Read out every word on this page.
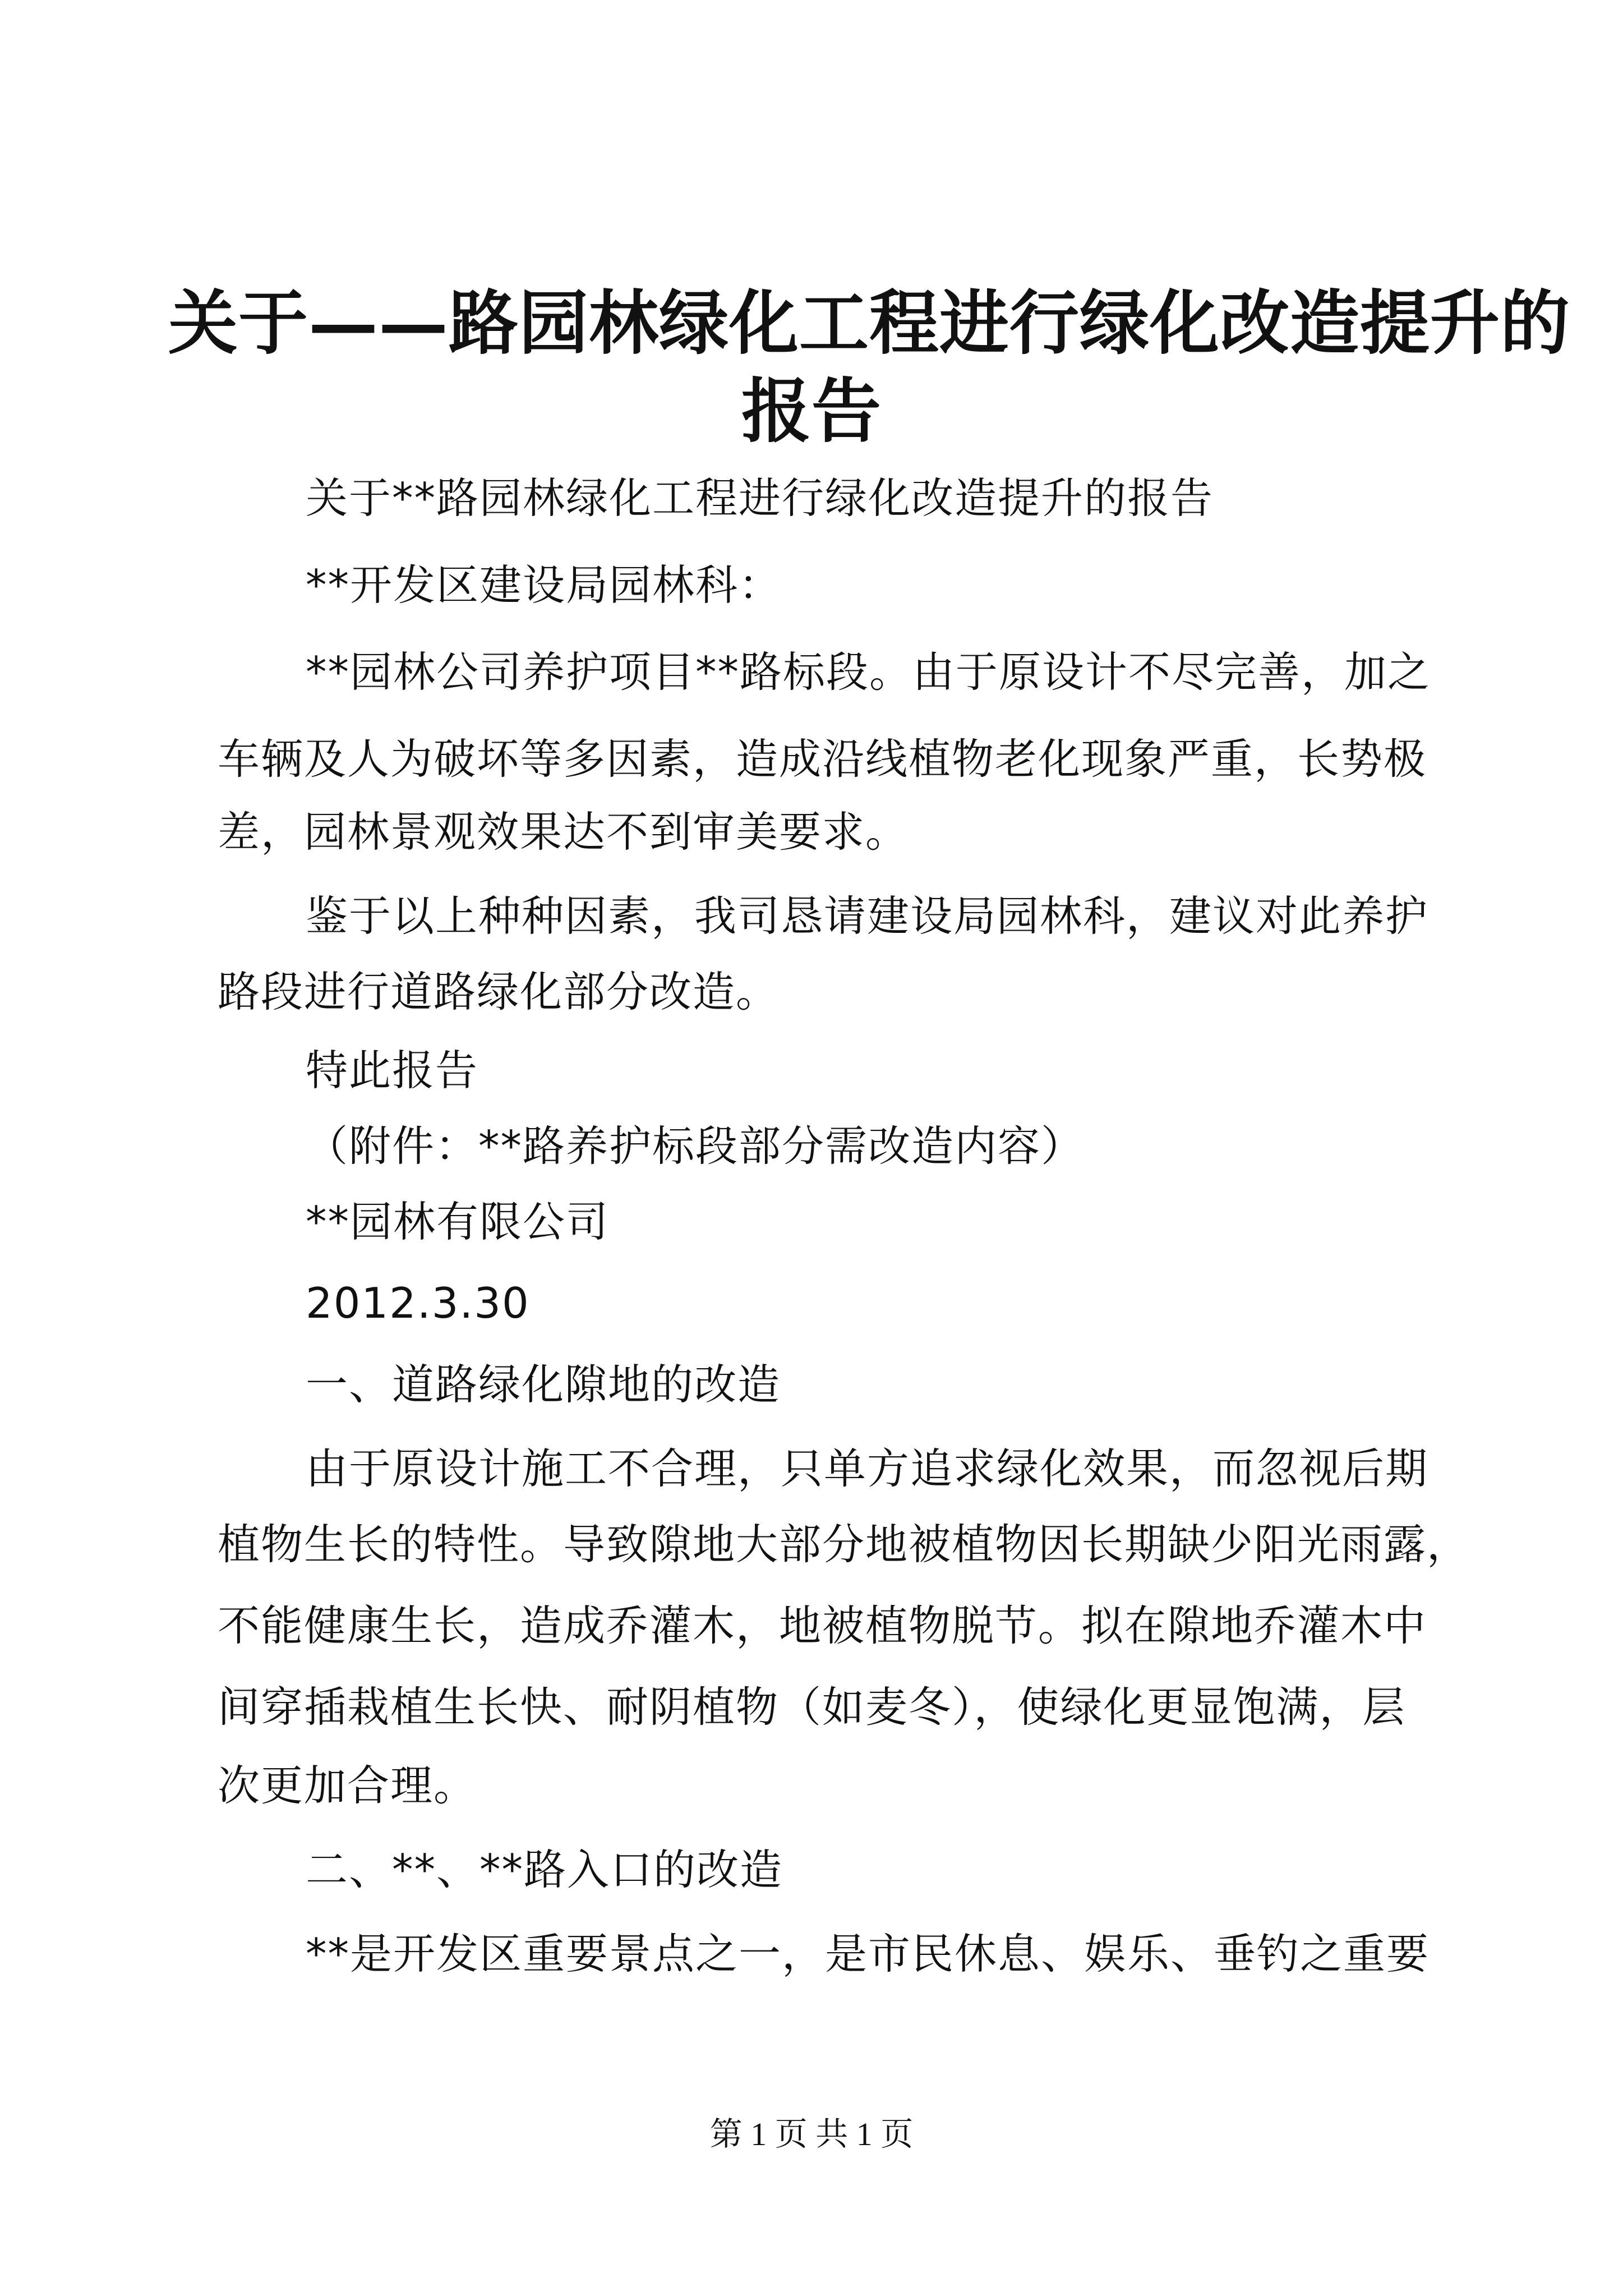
关于——路园林绿化工程进行绿化改造提升的
报告
关于**路园林绿化工程进行绿化改造提升的报告
**开发区建设局园林科：
**园林公司养护项目**路标段。由于原设计不尽完善，加之
车辆及人为破坏等多因素，造成沿线植物老化现象严重，长势极
差，园林景观效果达不到审美要求。
鉴于以上种种因素，我司恳请建设局园林科，建议对此养护
路段进行道路绿化部分改造。
特此报告
（附件：**路养护标段部分需改造内容）
**园林有限公司
2012.3.30
一、道路绿化隙地的改造
由于原设计施工不合理，只单方追求绿化效果，而忽视后期
植物生长的特性。导致隙地大部分地被植物因长期缺少阳光雨露，
不能健康生长，造成乔灌木，地被植物脱节。拟在隙地乔灌木中
间穿插栽植生长快、耐阴植物（如麦冬），使绿化更显饱满，层
次更加合理。
二、**、**路入口的改造
**是开发区重要景点之一，是市民休息、娱乐、垂钓之重要
第 1 页 共 1 页
